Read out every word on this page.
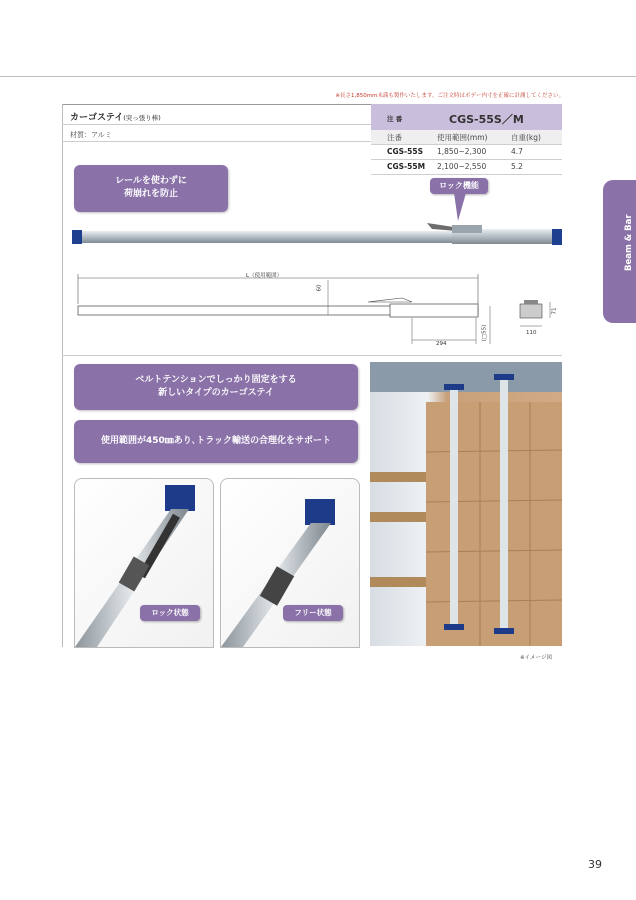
※長さ1,850mm未満も製作いたします。ご注文時はボデー内寸を正確に計測してください。
カーゴステイ(突っ張り棒)
材質：アルミ
注 番	CGS-55S／M
注番	使用範囲(mm)	自重(kg)
CGS-55S 1,850~2,300	4.7
CGS-55M 2,100~2,550	5.2
Beam & Bar
レールを使わずに
荷崩れを防止
ロック機能
L（使用範囲）
60
294
(□55)
71
110
ベルトテンションでしっかり固定をする
新しいタイプのカーゴステイ
使用範囲が450㎜あり､トラック輸送の合理化をサポート
ロック状態	フリー状態
※イメージ図
39
